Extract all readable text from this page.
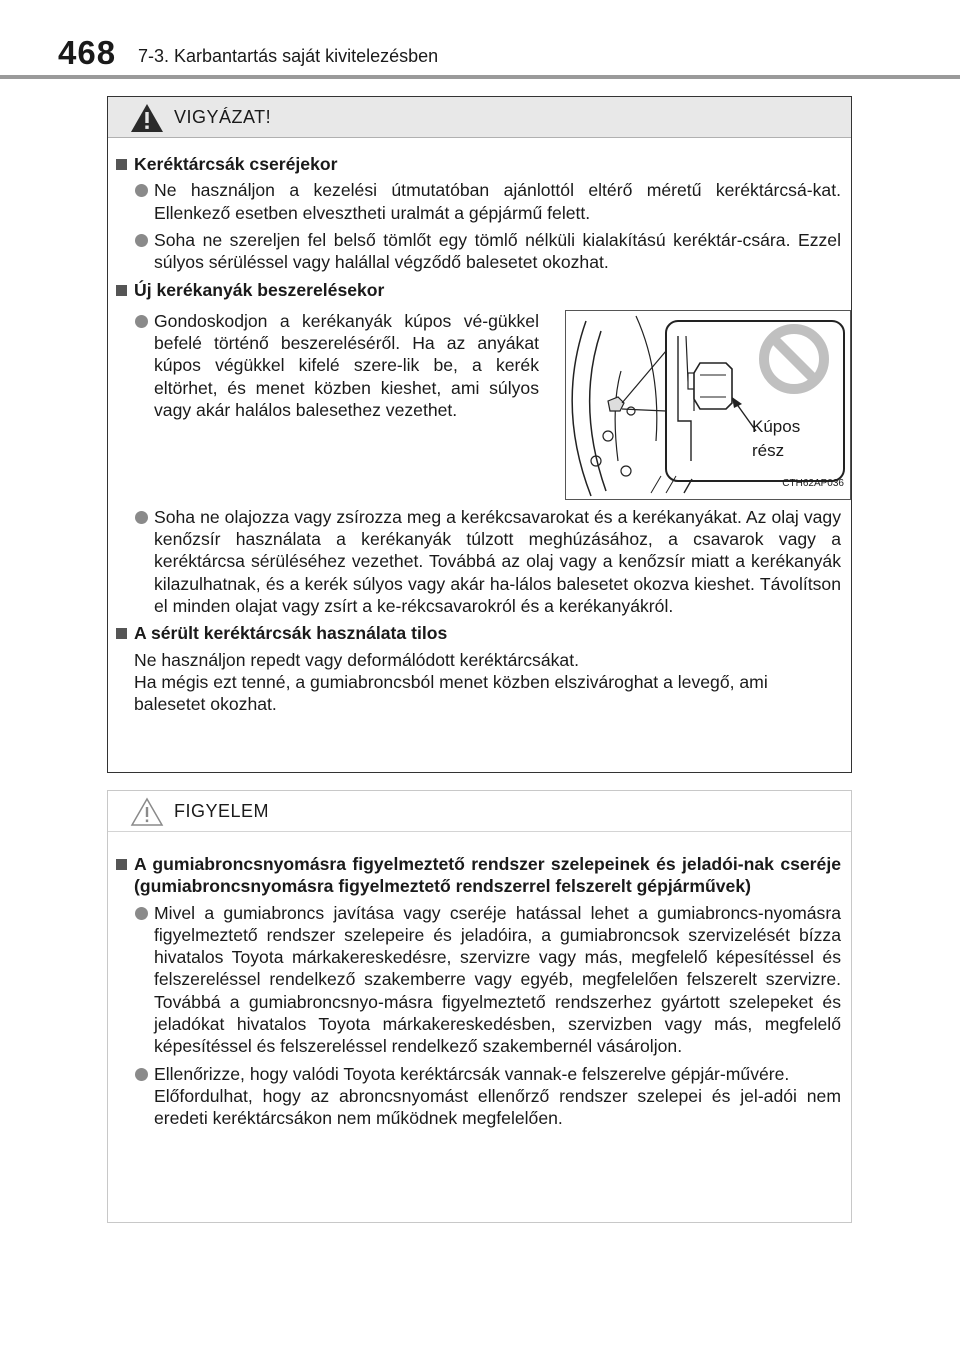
468 7-3. Karbantartás saját kivitelezésben
VIGYÁZAT!
Keréktárcsák cseréjekor
Ne használjon a kezelési útmutatóban ajánlottól eltérő méretű keréktárcsá-kat. Ellenkező esetben elvesztheti uralmát a gépjármű felett.
Soha ne szereljen fel belső tömlőt egy tömlő nélküli kialakítású keréktár-csára. Ezzel súlyos sérüléssel vagy halállal végződő balesetet okozhat.
Új kerékanyák beszerelésekor
Gondoskodjon a kerékanyák kúpos vé-gükkel befelé történő beszereléséről. Ha az anyákat kúpos végükkel kifelé szere-lik be, a kerék eltörhet, és menet közben kieshet, ami súlyos vagy akár halálos balesethez vezethet.
Kúpos
rész
CTH62AP036
Soha ne olajozza vagy zsírozza meg a kerékcsavarokat és a kerékanyákat. Az olaj vagy kenőzsír használata a kerékanyák túlzott meghúzásához, a csavarok vagy a keréktárcsa sérüléséhez vezethet. Továbbá az olaj vagy a kenőzsír miatt a kerékanyák kilazulhatnak, és a kerék súlyos vagy akár ha-lálos balesetet okozva kieshet. Távolítson el minden olajat vagy zsírt a ke-rékcsavarokról és a kerékanyákról.
A sérült keréktárcsák használata tilos
Ne használjon repedt vagy deformálódott keréktárcsákat.
Ha mégis ezt tenné, a gumiabroncsból menet közben elszivároghat a levegő, ami balesetet okozhat.
FIGYELEM
A gumiabroncsnyomásra figyelmeztető rendszer szelepeinek és jeladói-nak cseréje (gumiabroncsnyomásra figyelmeztető rendszerrel felszerelt gépjárművek)
Mivel a gumiabroncs javítása vagy cseréje hatással lehet a gumiabroncs-nyomásra figyelmeztető rendszer szelepeire és jeladóira, a gumiabroncsok szervizelését bízza hivatalos Toyota márkakereskedésre, szervizre vagy más, megfelelő képesítéssel és felszereléssel rendelkező szakemberre vagy egyéb, megfelelően felszerelt szervizre. Továbbá a gumiabroncsnyo-másra figyelmeztető rendszerhez gyártott szelepeket és jeladókat hivatalos Toyota márkakereskedésben, szervizben vagy más, megfelelő képesítéssel és felszereléssel rendelkező szakembernél vásároljon.
Ellenőrizze, hogy valódi Toyota keréktárcsák vannak-e felszerelve gépjár-művére.
Előfordulhat, hogy az abroncsnyomást ellenőrző rendszer szelepei és jel-adói nem eredeti keréktárcsákon nem működnek megfelelően.
